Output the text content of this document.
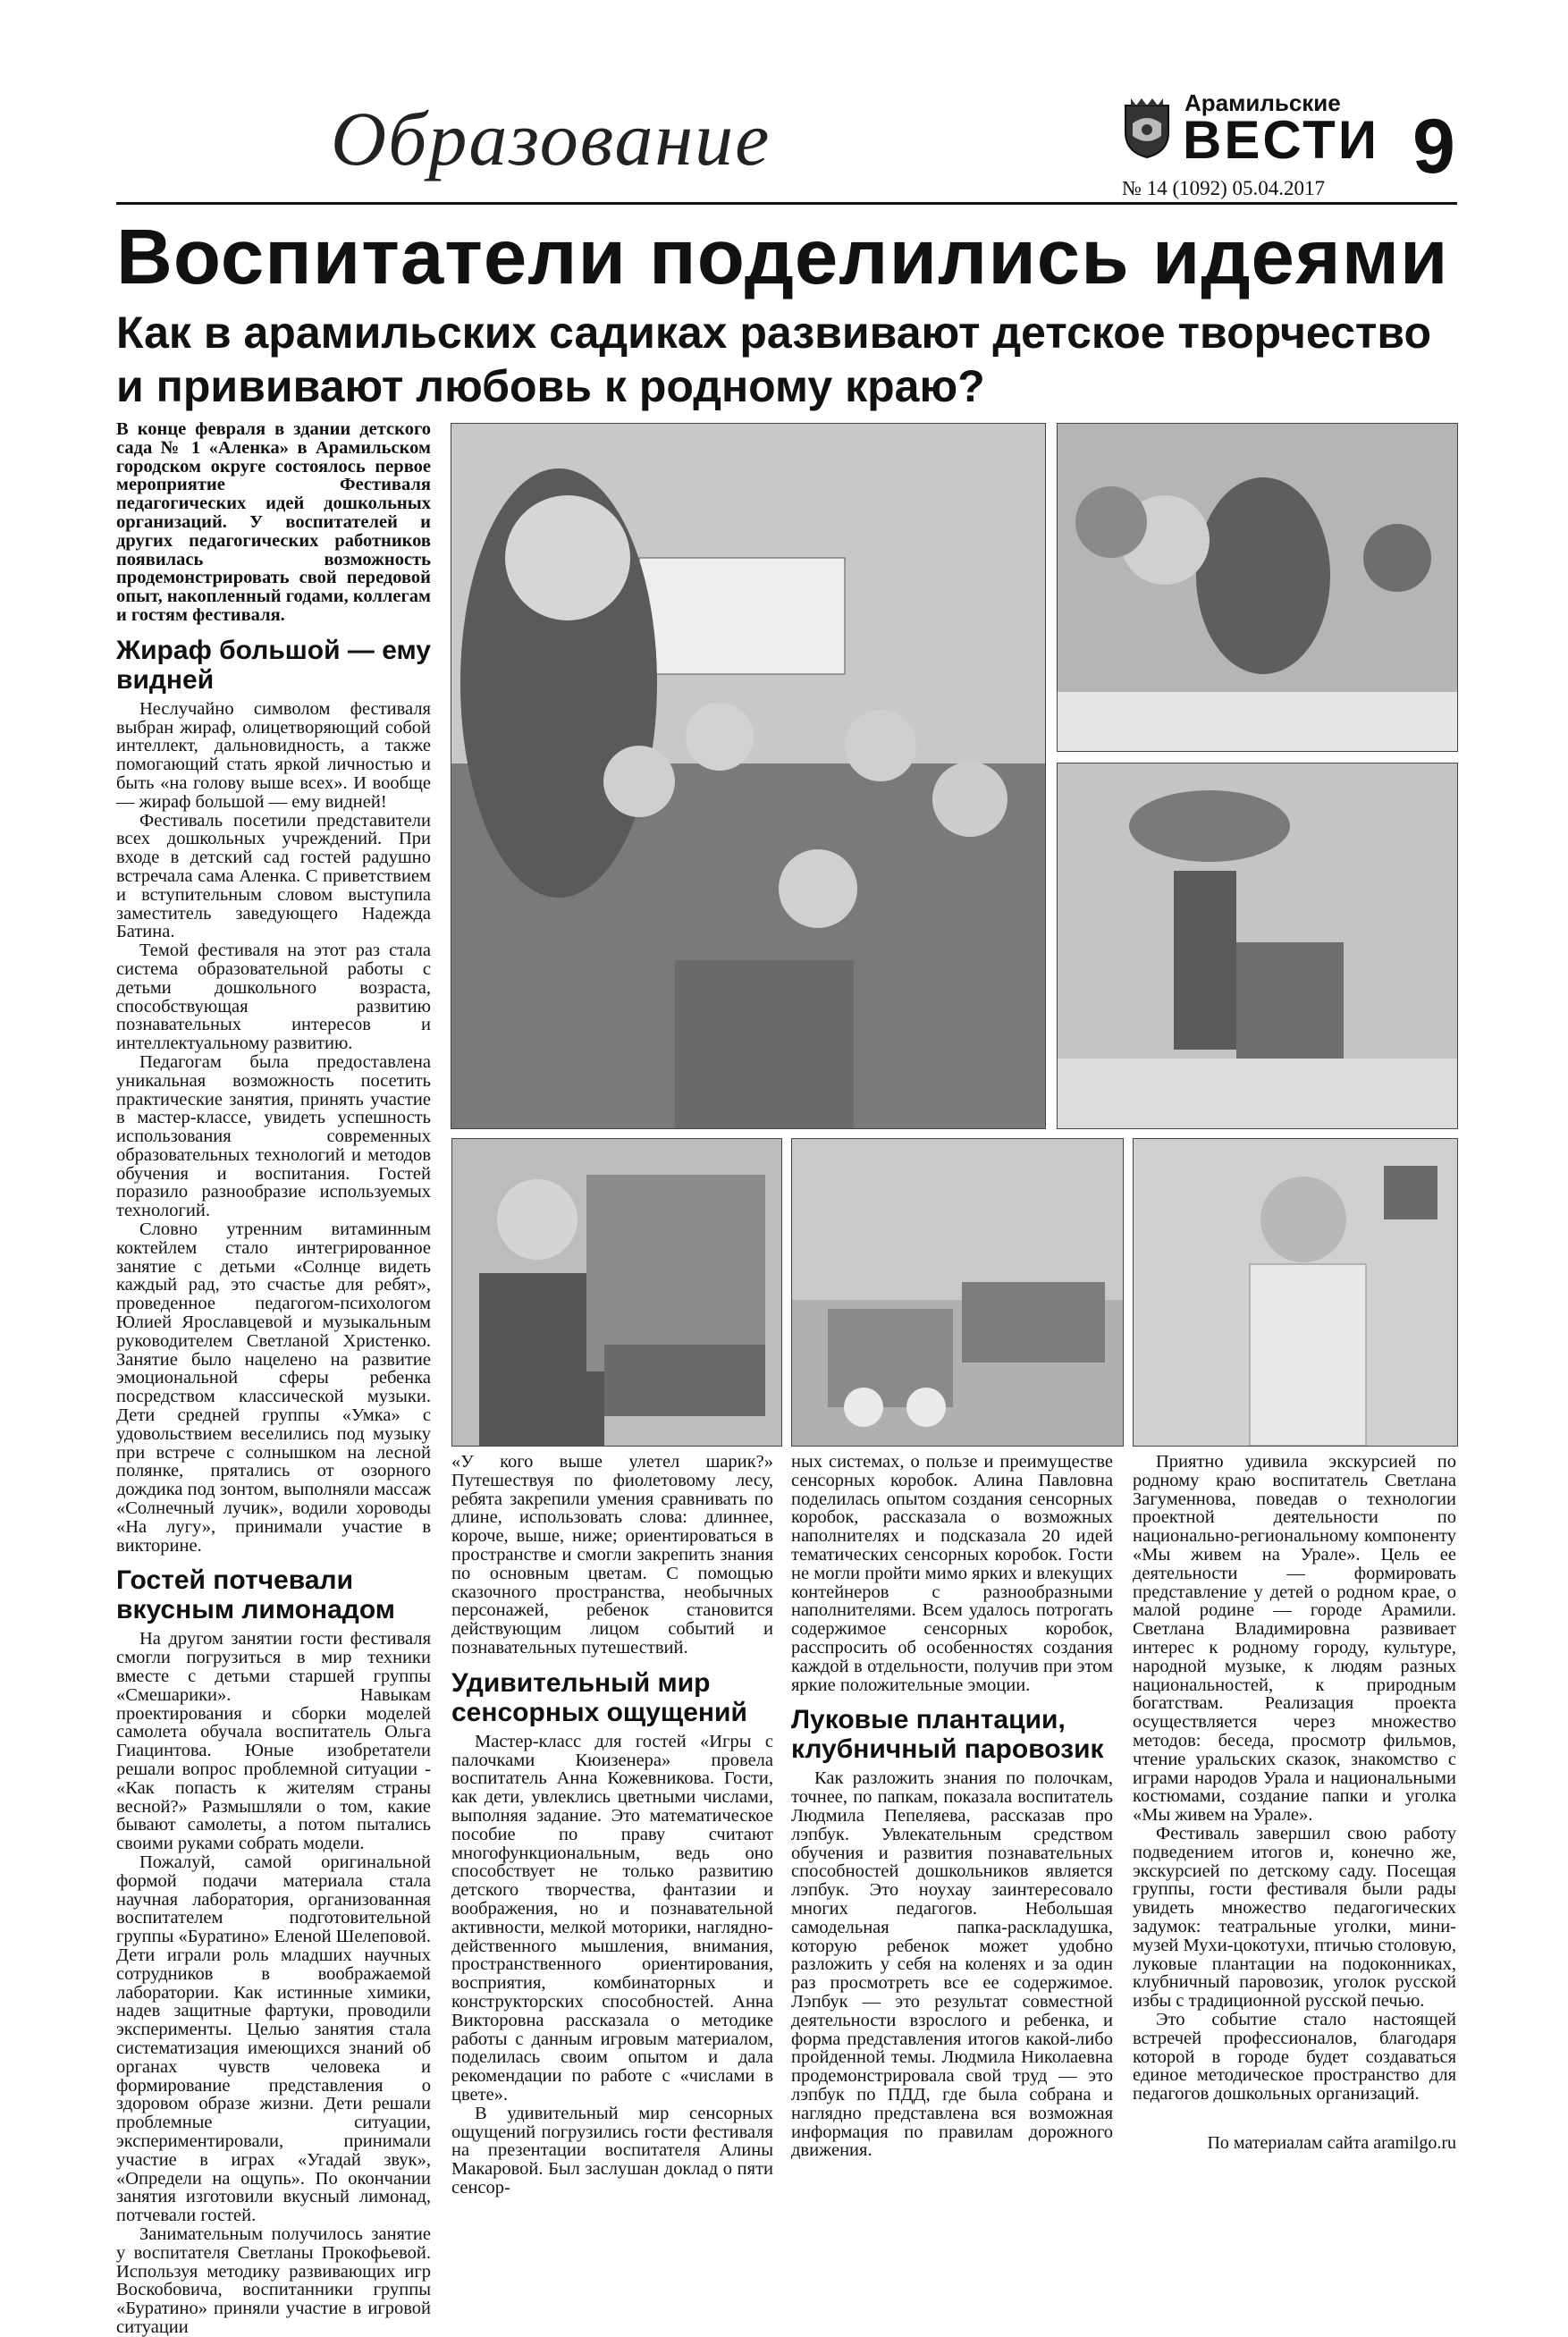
Образование	Арамильские
ВЕСТИ
№ 14 (1092) 05.04.2017 9
Воспитатели поделились идеями
Как в арамильских садиках развивают детское творчество и прививают любовь к родному краю?

В конце февраля в здании детского сада № 1 «Аленка» в Арамильском городском округе состоялось первое мероприятие Фестиваля педагогических идей дошкольных организаций. У воспитателей и других педагогических работников появилась возможность продемонстрировать свой передовой опыт, накопленный годами, коллегам и гостям фестиваля.

Жираф большой — ему видней

Неслучайно символом фестиваля выбран жираф, олицетворяющий собой интеллект, дальновидность, а также помогающий стать яркой личностью и быть «на голову выше всех». И вообще — жираф большой — ему видней!

Фестиваль посетили представители всех дошкольных учреждений. При входе в детский сад гостей радушно встречала сама Аленка. С приветствием и вступительным словом выступила заместитель заведующего Надежда Батина.

Темой фестиваля на этот раз стала система образовательной работы с детьми дошкольного возраста, способствующая развитию познавательных интересов и интеллектуальному развитию.

Педагогам была предоставлена уникальная возможность посетить практические занятия, принять участие в мастер-классе, увидеть успешность использования современных образовательных технологий и методов обучения и воспитания. Гостей поразило разнообразие используемых технологий.

Словно утренним витаминным коктейлем стало интегрированное занятие с детьми «Солнце видеть каждый рад, это счастье для ребят», проведенное педагогом-психологом Юлией Ярославцевой и музыкальным руководителем Светланой Христенко. Занятие было нацелено на развитие эмоциональной сферы ребенка посредством классической музыки. Дети средней группы «Умка» с удовольствием веселились под музыку при встрече с солнышком на лесной полянке, прятались от озорного дождика под зонтом, выполняли массаж «Солнечный лучик», водили хороводы «На лугу», принимали участие в викторине.

Гостей потчевали вкусным лимонадом

На другом занятии гости фестиваля смогли погрузиться в мир техники вместе с детьми старшей группы «Смешарики». Навыкам проектирования и сборки моделей самолета обучала воспитатель Ольга Гиацинтова. Юные изобретатели решали вопрос проблемной ситуации - «Как попасть к жителям страны весной?» Размышляли о том, какие бывают самолеты, а потом пытались своими руками собрать модели.

Пожалуй, самой оригинальной формой подачи материала стала научная лаборатория, организованная воспитателем подготовительной группы «Буратино» Еленой Шелеповой. Дети играли роль младших научных сотрудников в воображаемой лаборатории. Как истинные химики, надев защитные фартуки, проводили эксперименты. Целью занятия стала систематизация имеющихся знаний об органах чувств человека и формирование представления о здоровом образе жизни. Дети решали проблемные ситуации, экспериментировали, принимали участие в играх «Угадай звук», «Определи на ощупь». По окончании занятия изготовили вкусный лимонад, потчевали гостей.

Занимательным получилось занятие у воспитателя Светланы Прокофьевой. Используя методику развивающих игр Воскобовича, воспитанники группы «Буратино» приняли участие в игровой ситуации

«У кого выше улетел шарик?» Путешествуя по фиолетовому лесу, ребята закрепили умения сравнивать по длине, использовать слова: длиннее, короче, выше, ниже; ориентироваться в пространстве и смогли закрепить знания по основным цветам. С помощью сказочного пространства, необычных персонажей, ребенок становится действующим лицом событий и познавательных путешествий.

Удивительный мир сенсорных ощущений

Мастер-класс для гостей «Игры с палочками Кюизенера» провела воспитатель Анна Кожевникова. Гости, как дети, увлеклись цветными числами, выполняя задание. Это математическое пособие по праву считают многофункциональным, ведь оно способствует не только развитию детского творчества, фантазии и воображения, но и познавательной активности, мелкой моторики, наглядно-действенного мышления, внимания, пространственного ориентирования, восприятия, комбинаторных и конструкторских способностей. Анна Викторовна рассказала о методике работы с данным игровым материалом, поделилась своим опытом и дала рекомендации по работе с «числами в цвете».

В удивительный мир сенсорных ощущений погрузились гости фестиваля на презентации воспитателя Алины Макаровой. Был заслушан доклад о пяти сенсор-

ных системах, о пользе и преимуществе сенсорных коробок. Алина Павловна поделилась опытом создания сенсорных коробок, рассказала о возможных наполнителях и подсказала 20 идей тематических сенсорных коробок. Гости не могли пройти мимо ярких и влекущих контейнеров с разнообразными наполнителями. Всем удалось потрогать содержимое сенсорных коробок, расспросить об особенностях создания каждой в отдельности, получив при этом яркие положительные эмоции.

Луковые плантации, клубничный паровозик

Как разложить знания по полочкам, точнее, по папкам, показала воспитатель Людмила Пепеляева, рассказав про лэпбук. Увлекательным средством обучения и развития познавательных способностей дошкольников является лэпбук. Это ноухау заинтересовало многих педагогов. Небольшая самодельная папка-раскладушка, которую ребенок может удобно разложить у себя на коленях и за один раз просмотреть все ее содержимое. Лэпбук — это результат совместной деятельности взрослого и ребенка, и форма представления итогов какой-либо пройденной темы. Людмила Николаевна продемонстрировала свой труд — это лэпбук по ПДД, где была собрана и наглядно представлена вся возможная информация по правилам дорожного движения.

Приятно удивила экскурсией по родному краю воспитатель Светлана Загуменнова, поведав о технологии проектной деятельности по национально-региональному компоненту «Мы живем на Урале». Цель ее деятельности — формировать представление у детей о родном крае, о малой родине — городе Арамили. Светлана Владимировна развивает интерес к родному городу, культуре, народной музыке, к людям разных национальностей, к природным богатствам. Реализация проекта осуществляется через множество методов: беседа, просмотр фильмов, чтение уральских сказок, знакомство с играми народов Урала и национальными костюмами, создание папки и уголка «Мы живем на Урале».

Фестиваль завершил свою работу подведением итогов и, конечно же, экскурсией по детскому саду. Посещая группы, гости фестиваля были рады увидеть множество педагогических задумок: театральные уголки, мини-музей Мухи-цокотухи, птичью столовую, луковые плантации на подоконниках, клубничный паровозик, уголок русской избы с традиционной русской печью.

Это событие стало настоящей встречей профессионалов, благодаря которой в городе будет создаваться единое методическое пространство для педагогов дошкольных организаций.

По материалам сайта aramilgo.ru
